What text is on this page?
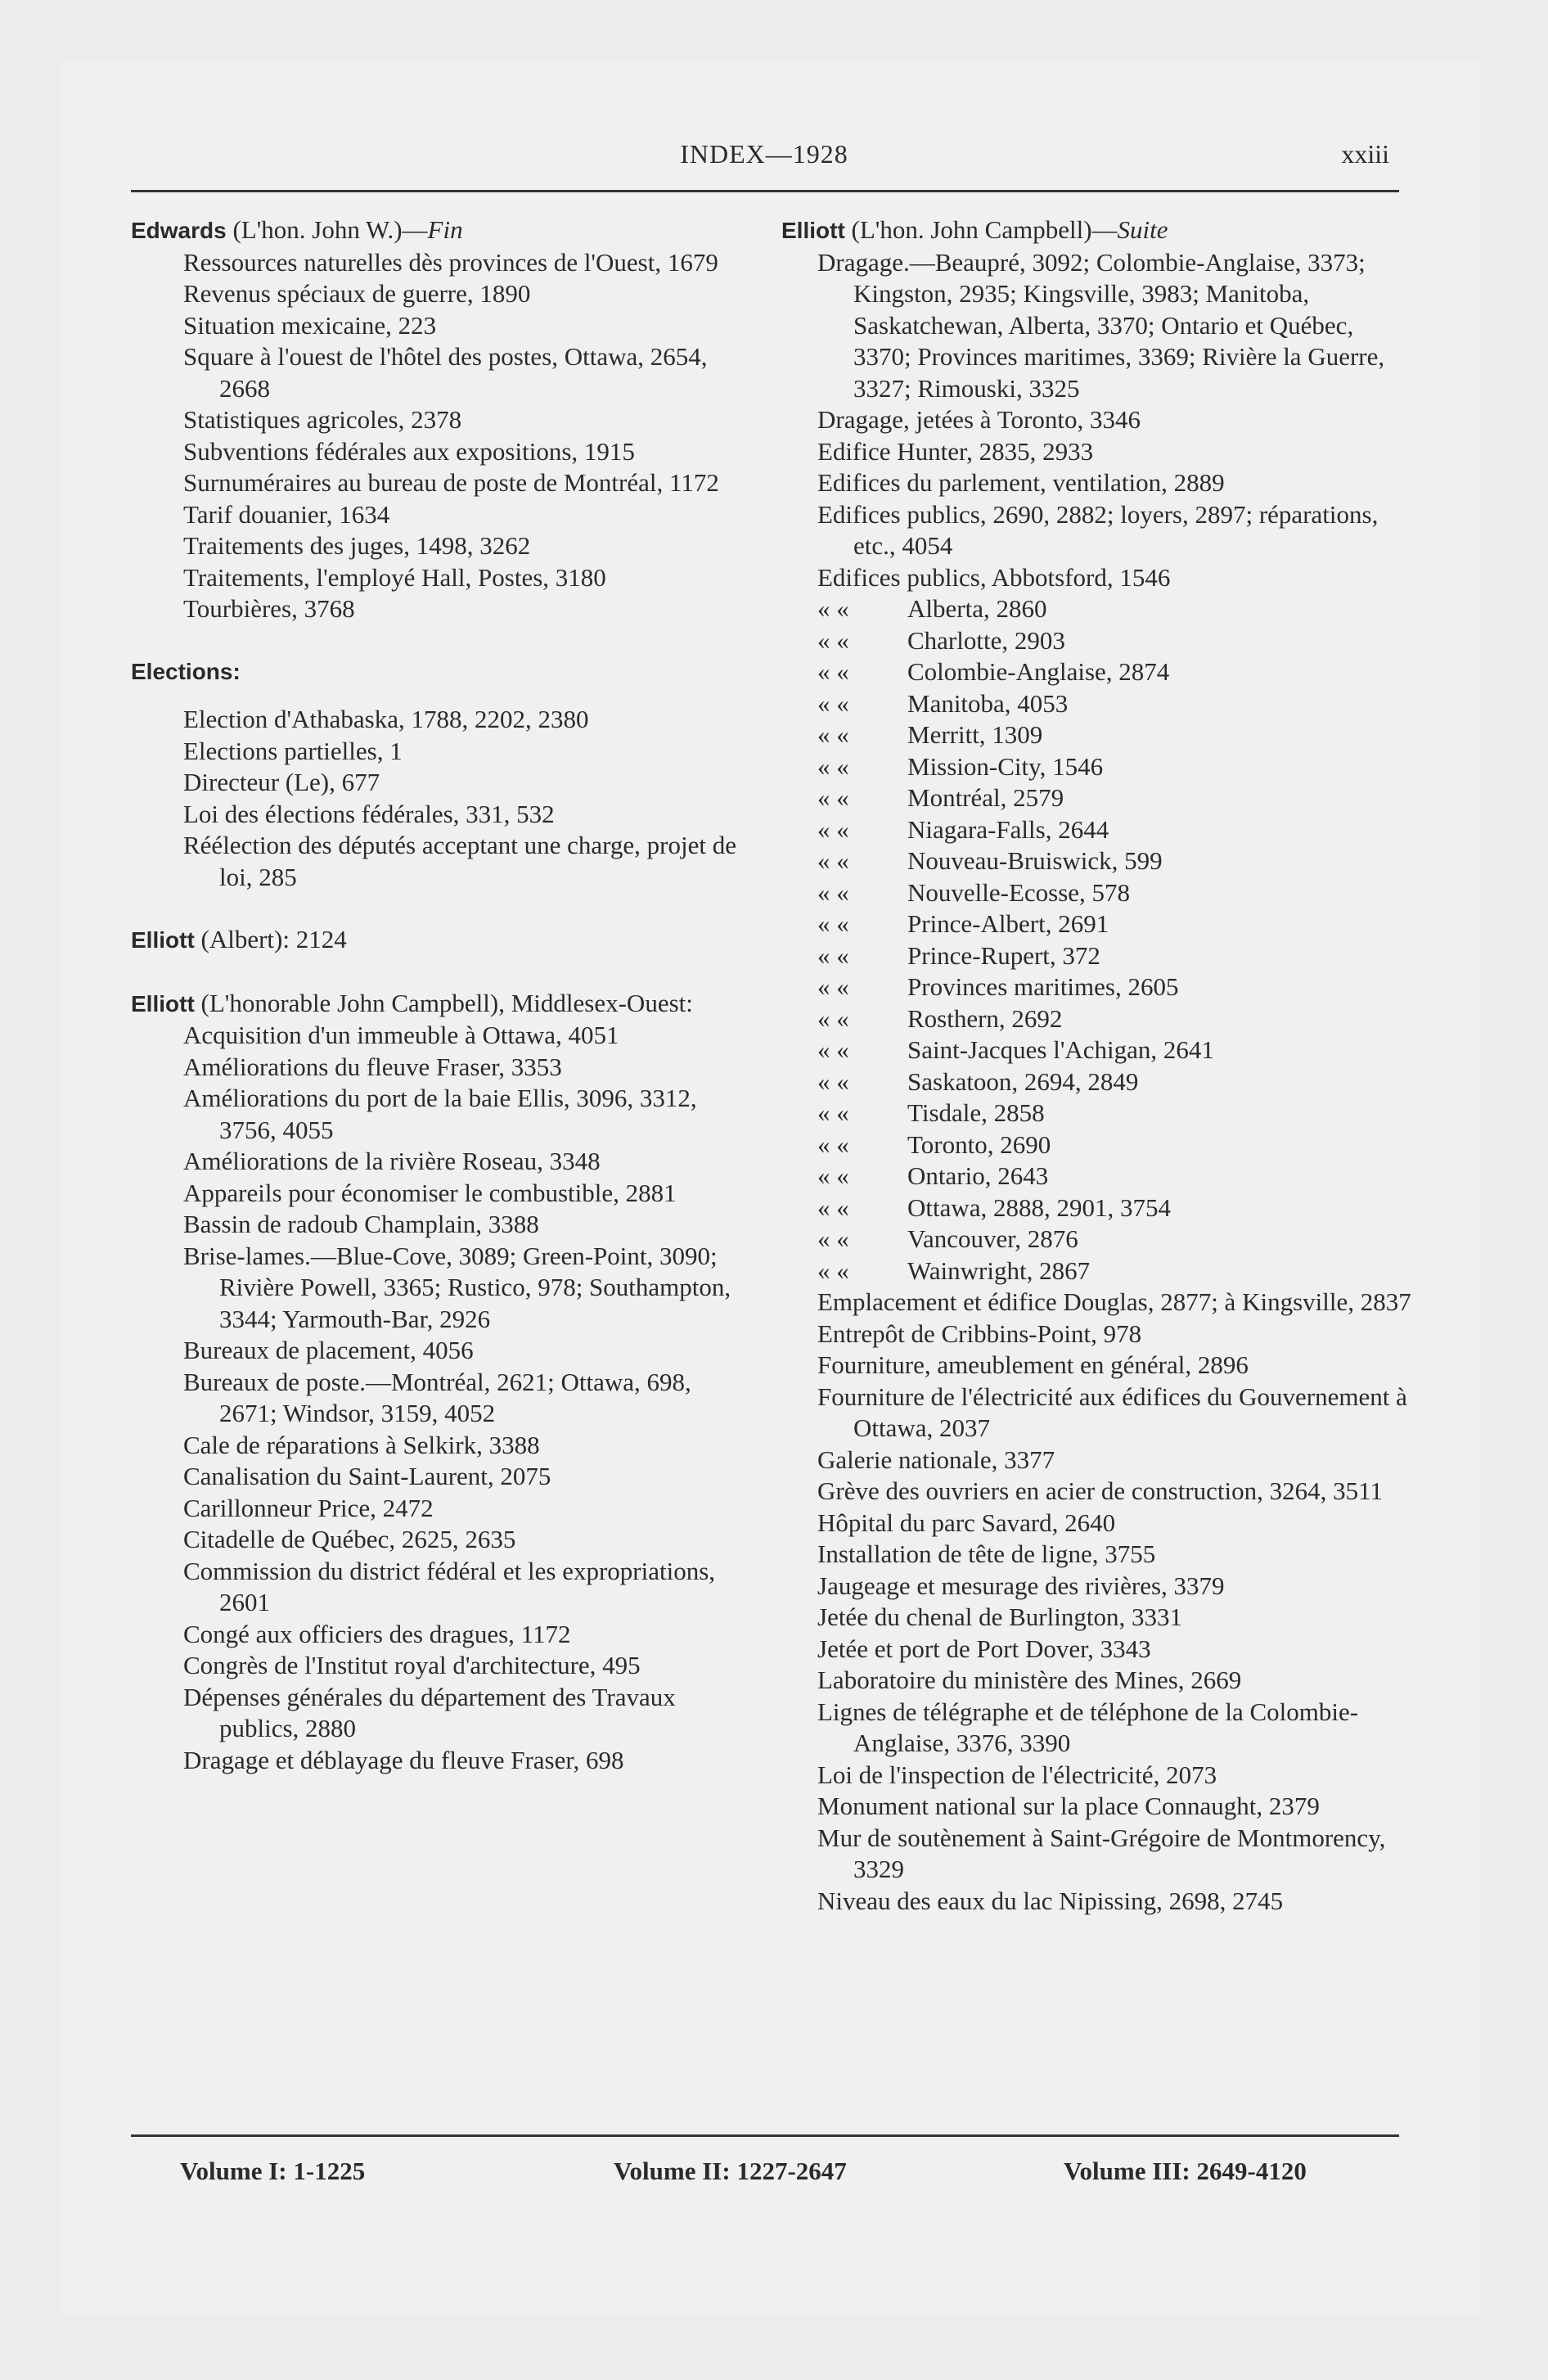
INDEX—1928	xxiii
Edwards (L'hon. John W.)—Fin
Ressources naturelles dès provinces de l'Ouest, 1679
Revenus spéciaux de guerre, 1890
Situation mexicaine, 223
Square à l'ouest de l'hôtel des postes, Ottawa, 2654, 2668
Statistiques agricoles, 2378
Subventions fédérales aux expositions, 1915
Surnuméraires au bureau de poste de Montréal, 1172
Tarif douanier, 1634
Traitements des juges, 1498, 3262
Traitements, l'employé Hall, Postes, 3180
Tourbières, 3768
Elections:
Election d'Athabaska, 1788, 2202, 2380
Elections partielles, 1
Directeur (Le), 677
Loi des élections fédérales, 331, 532
Réélection des députés acceptant une charge, projet de loi, 285
Elliott (Albert): 2124
Elliott (L'honorable John Campbell), Middlesex-Ouest:
Acquisition d'un immeuble à Ottawa, 4051
Améliorations du fleuve Fraser, 3353
Améliorations du port de la baie Ellis, 3096, 3312, 3756, 4055
Améliorations de la rivière Roseau, 3348
Appareils pour économiser le combustible, 2881
Bassin de radoub Champlain, 3388
Brise-lames.—Blue-Cove, 3089; Green-Point, 3090; Rivière Powell, 3365; Rustico, 978; Southampton, 3344; Yarmouth-Bar, 2926
Bureaux de placement, 4056
Bureaux de poste.—Montréal, 2621; Ottawa, 698, 2671; Windsor, 3159, 4052
Cale de réparations à Selkirk, 3388
Canalisation du Saint-Laurent, 2075
Carillonneur Price, 2472
Citadelle de Québec, 2625, 2635
Commission du district fédéral et les expropriations, 2601
Congé aux officiers des dragues, 1172
Congrès de l'Institut royal d'architecture, 495
Dépenses générales du département des Travaux publics, 2880
Dragage et déblayage du fleuve Fraser, 698
Elliott (L'hon. John Campbell)—Suite
Dragage.—Beaupré, 3092; Colombie-Anglaise, 3373; Kingston, 2935; Kingsville, 3983; Manitoba, Saskatchewan, Alberta, 3370; Ontario et Québec, 3370; Provinces maritimes, 3369; Rivière la Guerre, 3327; Rimouski, 3325
Dragage, jetées à Toronto, 3346
Edifice Hunter, 2835, 2933
Edifices du parlement, ventilation, 2889
Edifices publics, 2690, 2882; loyers, 2897; réparations, etc., 4054
Edifices publics, Abbotsford, 1546
« « Alberta, 2860
« « Charlotte, 2903
« « Colombie-Anglaise, 2874
« « Manitoba, 4053
« « Merritt, 1309
« « Mission-City, 1546
« « Montréal, 2579
« « Niagara-Falls, 2644
« « Nouveau-Bruiswick, 599
« « Nouvelle-Ecosse, 578
« « Prince-Albert, 2691
« « Prince-Rupert, 372
« « Provinces maritimes, 2605
« « Rosthern, 2692
« « Saint-Jacques l'Achigan, 2641
« « Saskatoon, 2694, 2849
« « Tisdale, 2858
« « Toronto, 2690
« « Ontario, 2643
« « Ottawa, 2888, 2901, 3754
« « Vancouver, 2876
« « Wainwright, 2867
Emplacement et édifice Douglas, 2877; à Kingsville, 2837
Entrepôt de Cribbins-Point, 978
Fourniture, ameublement en général, 2896
Fourniture de l'électricité aux édifices du Gouvernement à Ottawa, 2037
Galerie nationale, 3377
Grève des ouvriers en acier de construction, 3264, 3511
Hôpital du parc Savard, 2640
Installation de tête de ligne, 3755
Jaugeage et mesurage des rivières, 3379
Jetée du chenal de Burlington, 3331
Jetée et port de Port Dover, 3343
Laboratoire du ministère des Mines, 2669
Lignes de télégraphe et de téléphone de la Colombie-Anglaise, 3376, 3390
Loi de l'inspection de l'électricité, 2073
Monument national sur la place Connaught, 2379
Mur de soutènement à Saint-Grégoire de Montmorency, 3329
Niveau des eaux du lac Nipissing, 2698, 2745
Volume I: 1-1225	Volume II: 1227-2647	Volume III: 2649-4120
